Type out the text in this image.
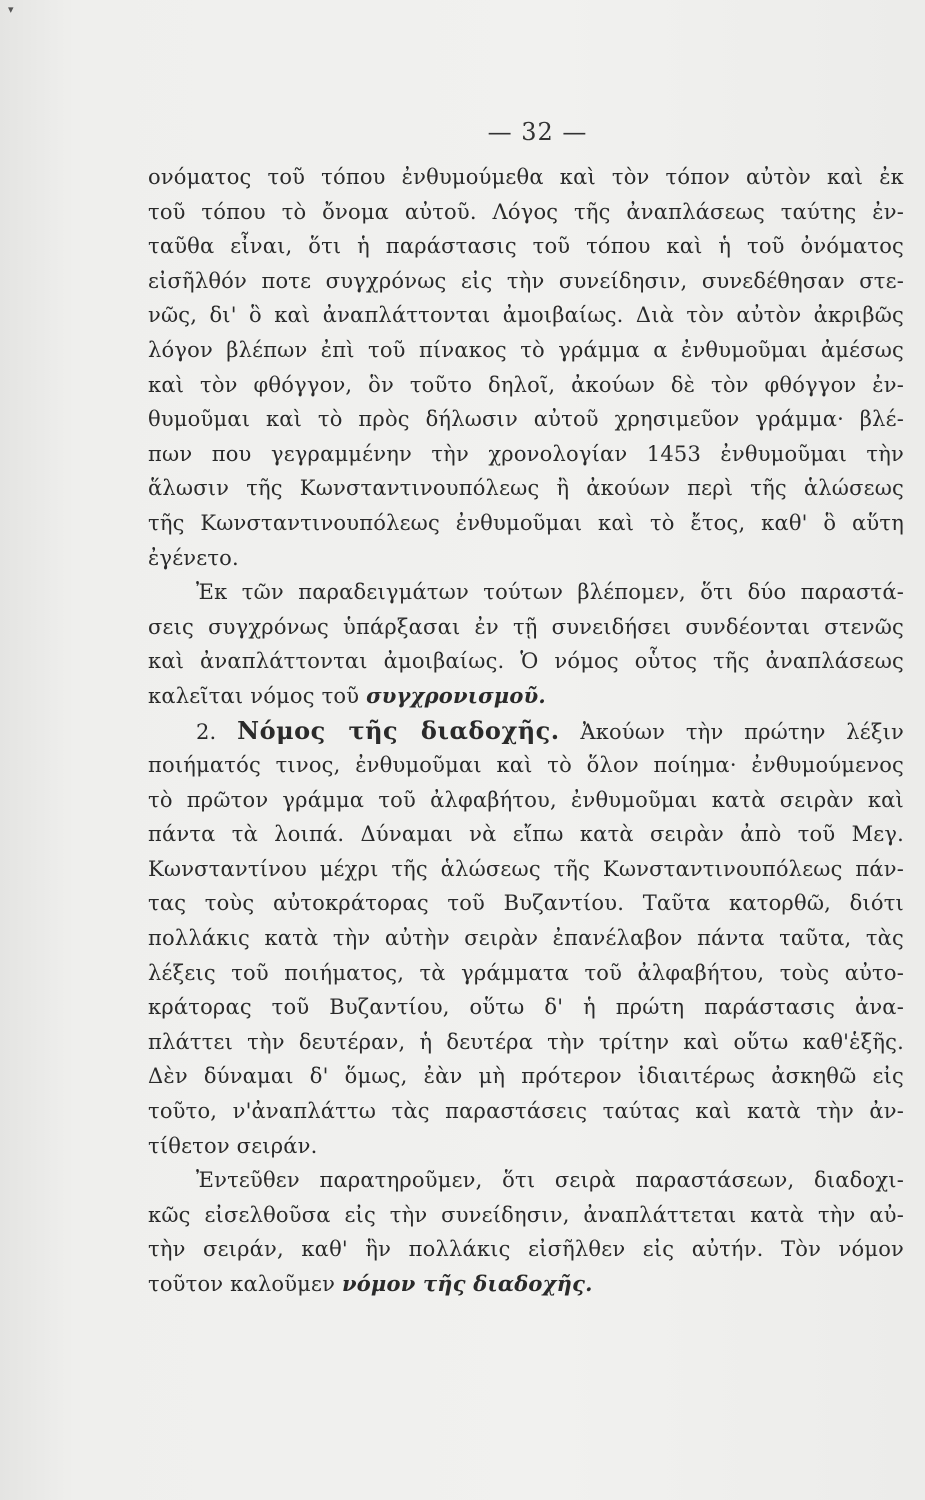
▾
— 32 —
ονόματος τοῦ τόπου ἐνθυμούμεθα καὶ τὸν τόπον αὐτὸν καὶ ἐκ
τοῦ τόπου τὸ ὄνομα αὐτοῦ. Λόγος τῆς ἀναπλάσεως ταύτης ἐν-
ταῦθα εἶναι, ὅτι ἡ παράστασις τοῦ τόπου καὶ ἡ τοῦ ὀνόματος
εἰσῆλθόν ποτε συγχρόνως εἰς τὴν συνείδησιν, συνεδέθησαν στε-
νῶς, δι' ὃ καὶ ἀναπλάττονται ἀμοιβαίως. Διὰ τὸν αὐτὸν ἀκριβῶς
λόγον βλέπων ἐπὶ τοῦ πίνακος τὸ γράμμα α ἐνθυμοῦμαι ἀμέσως
καὶ τὸν φθόγγον, ὃν τοῦτο δηλοῖ, ἀκούων δὲ τὸν φθόγγον ἐν-
θυμοῦμαι καὶ τὸ πρὸς δήλωσιν αὐτοῦ χρησιμεῦον γράμμα· βλέ-
πων που γεγραμμένην τὴν χρονολογίαν 1453 ἐνθυμοῦμαι τὴν
ἅλωσιν τῆς Κωνσταντινουπόλεως ἢ ἀκούων περὶ τῆς ἁλώσεως
τῆς Κωνσταντινουπόλεως ἐνθυμοῦμαι καὶ τὸ ἔτος, καθ' ὃ αὕτη
ἐγένετο.
Ἐκ τῶν παραδειγμάτων τούτων βλέπομεν, ὅτι δύο παραστά-
σεις συγχρόνως ὑπάρξασαι ἐν τῇ συνειδήσει συνδέονται στενῶς
καὶ ἀναπλάττονται ἀμοιβαίως. Ὁ νόμος οὗτος τῆς ἀναπλάσεως
καλεῖται νόμος τοῦ συγχρονισμοῦ.
2. Νόμος τῆς διαδοχῆς. Ἀκούων τὴν πρώτην λέξιν
ποιήματός τινος, ἐνθυμοῦμαι καὶ τὸ ὅλον ποίημα· ἐνθυμούμενος
τὸ πρῶτον γράμμα τοῦ ἀλφαβήτου, ἐνθυμοῦμαι κατὰ σειρὰν καὶ
πάντα τὰ λοιπά. Δύναμαι νὰ εἴπω κατὰ σειρὰν ἀπὸ τοῦ Μεγ.
Κωνσταντίνου μέχρι τῆς ἁλώσεως τῆς Κωνσταντινουπόλεως πάν-
τας τοὺς αὐτοκράτορας τοῦ Βυζαντίου. Ταῦτα κατορθῶ, διότι
πολλάκις κατὰ τὴν αὐτὴν σειρὰν ἐπανέλαβον πάντα ταῦτα, τὰς
λέξεις τοῦ ποιήματος, τὰ γράμματα τοῦ ἀλφαβήτου, τοὺς αὐτο-
κράτορας τοῦ Βυζαντίου, οὕτω δ' ἡ πρώτη παράστασις ἀνα-
πλάττει τὴν δευτέραν, ἡ δευτέρα τὴν τρίτην καὶ οὕτω καθ'ἑξῆς.
Δὲν δύναμαι δ' ὅμως, ἐὰν μὴ πρότερον ἰδιαιτέρως ἀσκηθῶ εἰς
τοῦτο, ν'ἀναπλάττω τὰς παραστάσεις ταύτας καὶ κατὰ τὴν ἀν-
τίθετον σειράν.
Ἐντεῦθεν παρατηροῦμεν, ὅτι σειρὰ παραστάσεων, διαδοχι-
κῶς εἰσελθοῦσα εἰς τὴν συνείδησιν, ἀναπλάττεται κατὰ τὴν αὐ-
τὴν σειράν, καθ' ἣν πολλάκις εἰσῆλθεν εἰς αὐτήν. Τὸν νόμον
τοῦτον καλοῦμεν νόμον τῆς διαδοχῆς.
